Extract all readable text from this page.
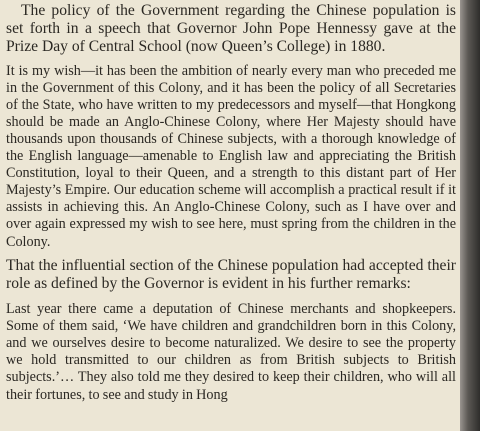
The policy of the Government regarding the Chinese population is set forth in a speech that Governor John Pope Hennessy gave at the Prize Day of Central School (now Queen’s College) in 1880.

It is my wish—it has been the ambition of nearly every man who preceded me in the Government of this Colony, and it has been the policy of all Secretaries of the State, who have written to my predecessors and myself—that Hongkong should be made an Anglo-Chinese Colony, where Her Majesty should have thousands upon thousands of Chinese subjects, with a thorough knowledge of the English language—amenable to English law and appreciating the British Constitution, loyal to their Queen, and a strength to this distant part of Her Majesty’s Empire. Our education scheme will accomplish a practical result if it assists in achieving this. An Anglo-Chinese Colony, such as I have over and over again expressed my wish to see here, must spring from the children in the Colony.

That the influential section of the Chinese population had accepted their role as defined by the Governor is evident in his further remarks:

Last year there came a deputation of Chinese merchants and shopkeepers. Some of them said, ‘We have children and grandchildren born in this Colony, and we ourselves desire to become naturalized. We desire to see the property we hold transmitted to our children as from British subjects to British subjects.’… They also told me they desired to keep their children, who will all their fortunes, to see and study in Hong
